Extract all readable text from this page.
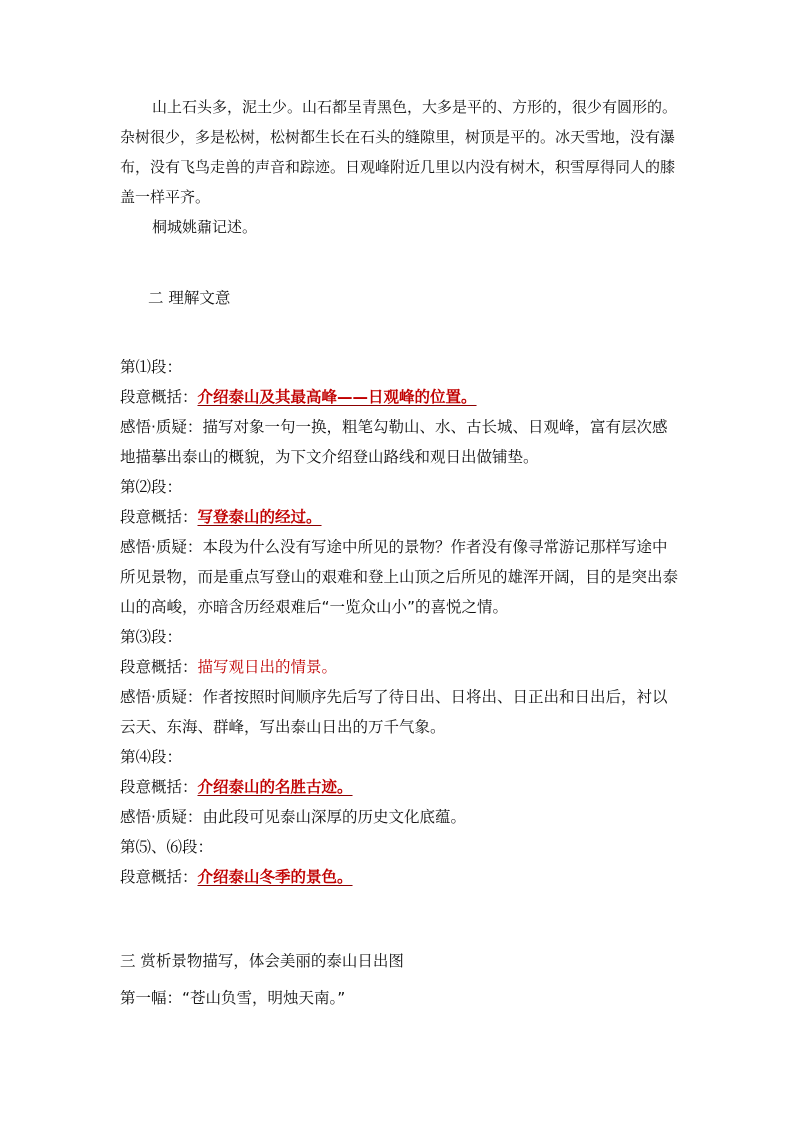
山上石头多，泥土少。山石都呈青黑色，大多是平的、方形的，很少有圆形的。杂树很少，多是松树，松树都生长在石头的缝隙里，树顶是平的。冰天雪地，没有瀑布，没有飞鸟走兽的声音和踪迹。日观峰附近几里以内没有树木，积雪厚得同人的膝盖一样平齐。

桐城姚鼐记述。

二 理解文意

第⑴段：

段意概括：介绍泰山及其最高峰——日观峰的位置。

感悟·质疑：描写对象一句一换，粗笔勾勒山、水、古长城、日观峰，富有层次感地描摹出泰山的概貌，为下文介绍登山路线和观日出做铺垫。

第⑵段：

段意概括：写登泰山的经过。

感悟·质疑：本段为什么没有写途中所见的景物？作者没有像寻常游记那样写途中所见景物，而是重点写登山的艰难和登上山顶之后所见的雄浑开阔，目的是突出泰山的高峻，亦暗含历经艰难后“一览众山小”的喜悦之情。

第⑶段：

段意概括：描写观日出的情景。

感悟·质疑：作者按照时间顺序先后写了待日出、日将出、日正出和日出后，衬以云天、东海、群峰，写出泰山日出的万千气象。

第⑷段：

段意概括：介绍泰山的名胜古迹。

感悟·质疑：由此段可见泰山深厚的历史文化底蕴。

第⑸、⑹段：

段意概括：介绍泰山冬季的景色。

三 赏析景物描写，体会美丽的泰山日出图

第一幅：“苍山负雪，明烛天南。”
